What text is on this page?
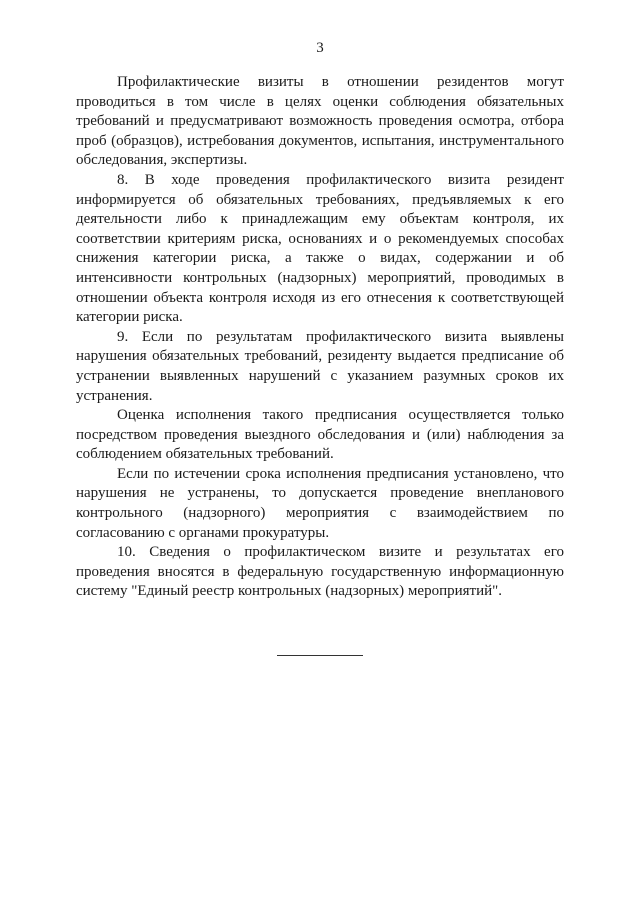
3

Профилактические визиты в отношении резидентов могут проводиться в том числе в целях оценки соблюдения обязательных требований и предусматривают возможность проведения осмотра, отбора проб (образцов), истребования документов, испытания, инструментального обследования, экспертизы.

8. В ходе проведения профилактического визита резидент информируется об обязательных требованиях, предъявляемых к его деятельности либо к принадлежащим ему объектам контроля, их соответствии критериям риска, основаниях и о рекомендуемых способах снижения категории риска, а также о видах, содержании и об интенсивности контрольных (надзорных) мероприятий, проводимых в отношении объекта контроля исходя из его отнесения к соответствующей категории риска.

9. Если по результатам профилактического визита выявлены нарушения обязательных требований, резиденту выдается предписание об устранении выявленных нарушений с указанием разумных сроков их устранения.

Оценка исполнения такого предписания осуществляется только посредством проведения выездного обследования и (или) наблюдения за соблюдением обязательных требований.

Если по истечении срока исполнения предписания установлено, что нарушения не устранены, то допускается проведение внепланового контрольного (надзорного) мероприятия с взаимодействием по согласованию с органами прокуратуры.

10. Сведения о профилактическом визите и результатах его проведения вносятся в федеральную государственную информационную систему "Единый реестр контрольных (надзорных) мероприятий".
